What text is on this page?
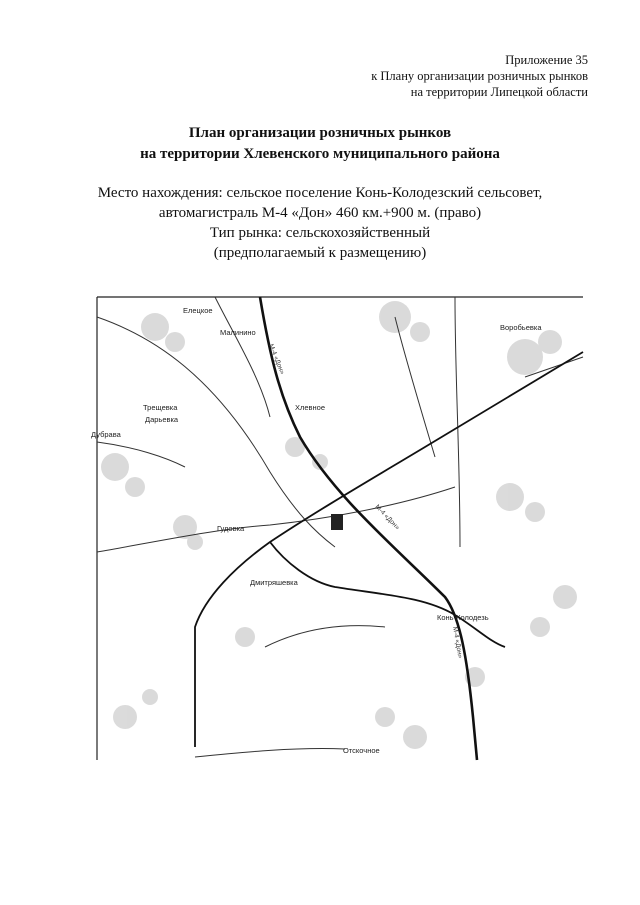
Приложение 35
к Плану организации розничных рынков
на территории Липецкой области
План организации розничных рынков
на территории Хлевенского муниципального района
Место нахождения: сельское поселение Конь-Колодезский сельсовет,
автомагистраль М-4 «Дон» 460 км.+900 м. (право)
Тип рынка: сельскохозяйственный
(предполагаемый к размещению)
Елецкое
Малинино
Воробьевка
Трещевка
Дарьевка
Дубрава
Хлевное
Гудовка
Дмитряшевка
Конь-Колодезь
Отскочное
М-4 «Дон»
М-4 «Дон»
М-4 «Дон»
